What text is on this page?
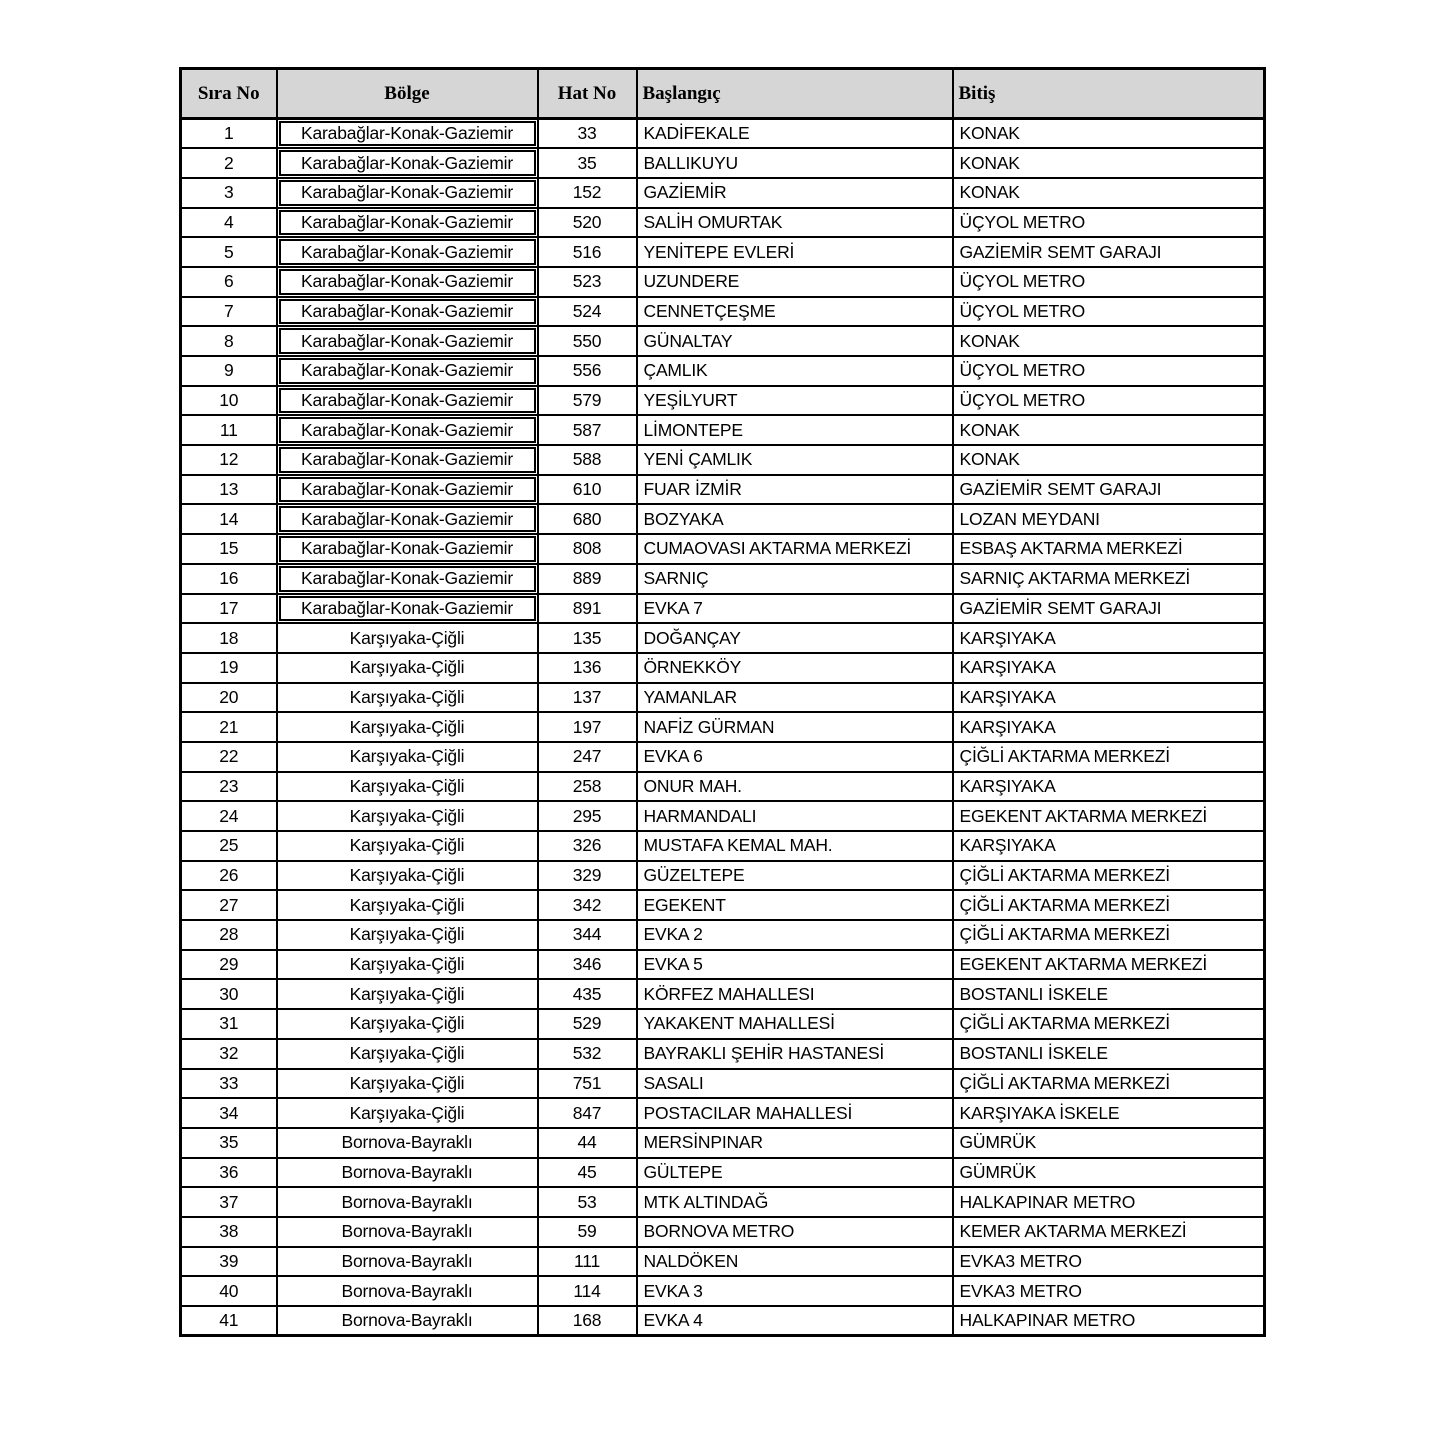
Sıra No	Bölge	Hat No	Başlangıç	Bitiş
1	Karabağlar-Konak-Gaziemir	33	KADİFEKALE	KONAK
2	Karabağlar-Konak-Gaziemir	35	BALLIKUYU	KONAK
3	Karabağlar-Konak-Gaziemir	152	GAZİEMİR	KONAK
4	Karabağlar-Konak-Gaziemir	520	SALİH OMURTAK	ÜÇYOL METRO
5	Karabağlar-Konak-Gaziemir	516	YENİTEPE EVLERİ	GAZİEMİR SEMT GARAJI
6	Karabağlar-Konak-Gaziemir	523	UZUNDERE	ÜÇYOL METRO
7	Karabağlar-Konak-Gaziemir	524	CENNETÇEŞME	ÜÇYOL METRO
8	Karabağlar-Konak-Gaziemir	550	GÜNALTAY	KONAK
9	Karabağlar-Konak-Gaziemir	556	ÇAMLIK	ÜÇYOL METRO
10	Karabağlar-Konak-Gaziemir	579	YEŞİLYURT	ÜÇYOL METRO
11	Karabağlar-Konak-Gaziemir	587	LİMONTEPE	KONAK
12	Karabağlar-Konak-Gaziemir	588	YENİ ÇAMLIK	KONAK
13	Karabağlar-Konak-Gaziemir	610	FUAR İZMİR	GAZİEMİR SEMT GARAJI
14	Karabağlar-Konak-Gaziemir	680	BOZYAKA	LOZAN MEYDANI
15	Karabağlar-Konak-Gaziemir	808	CUMAOVASI AKTARMA MERKEZİ	ESBAŞ AKTARMA MERKEZİ
16	Karabağlar-Konak-Gaziemir	889	SARNIÇ	SARNIÇ AKTARMA MERKEZİ
17	Karabağlar-Konak-Gaziemir	891	EVKA 7	GAZİEMİR SEMT GARAJI
18	Karşıyaka-Çiğli	135	DOĞANÇAY	KARŞIYAKA
19	Karşıyaka-Çiğli	136	ÖRNEKKÖY	KARŞIYAKA
20	Karşıyaka-Çiğli	137	YAMANLAR	KARŞIYAKA
21	Karşıyaka-Çiğli	197	NAFİZ GÜRMAN	KARŞIYAKA
22	Karşıyaka-Çiğli	247	EVKA 6	ÇİĞLİ AKTARMA MERKEZİ
23	Karşıyaka-Çiğli	258	ONUR MAH.	KARŞIYAKA
24	Karşıyaka-Çiğli	295	HARMANDALI	EGEKENT AKTARMA MERKEZİ
25	Karşıyaka-Çiğli	326	MUSTAFA KEMAL MAH.	KARŞIYAKA
26	Karşıyaka-Çiğli	329	GÜZELTEPE	ÇİĞLİ AKTARMA MERKEZİ
27	Karşıyaka-Çiğli	342	EGEKENT	ÇİĞLİ AKTARMA MERKEZİ
28	Karşıyaka-Çiğli	344	EVKA 2	ÇİĞLİ AKTARMA MERKEZİ
29	Karşıyaka-Çiğli	346	EVKA 5	EGEKENT AKTARMA MERKEZİ
30	Karşıyaka-Çiğli	435	KÖRFEZ MAHALLESI	BOSTANLI İSKELE
31	Karşıyaka-Çiğli	529	YAKAKENT MAHALLESİ	ÇİĞLİ AKTARMA MERKEZİ
32	Karşıyaka-Çiğli	532	BAYRAKLI ŞEHİR HASTANESİ	BOSTANLI İSKELE
33	Karşıyaka-Çiğli	751	SASALI	ÇİĞLİ AKTARMA MERKEZİ
34	Karşıyaka-Çiğli	847	POSTACILAR MAHALLESİ	KARŞIYAKA İSKELE
35	Bornova-Bayraklı	44	MERSİNPINAR	GÜMRÜK
36	Bornova-Bayraklı	45	GÜLTEPE	GÜMRÜK
37	Bornova-Bayraklı	53	MTK ALTINDAĞ	HALKAPINAR METRO
38	Bornova-Bayraklı	59	BORNOVA METRO	KEMER AKTARMA MERKEZİ
39	Bornova-Bayraklı	111	NALDÖKEN	EVKA3 METRO
40	Bornova-Bayraklı	114	EVKA 3	EVKA3 METRO
41	Bornova-Bayraklı	168	EVKA 4	HALKAPINAR METRO
